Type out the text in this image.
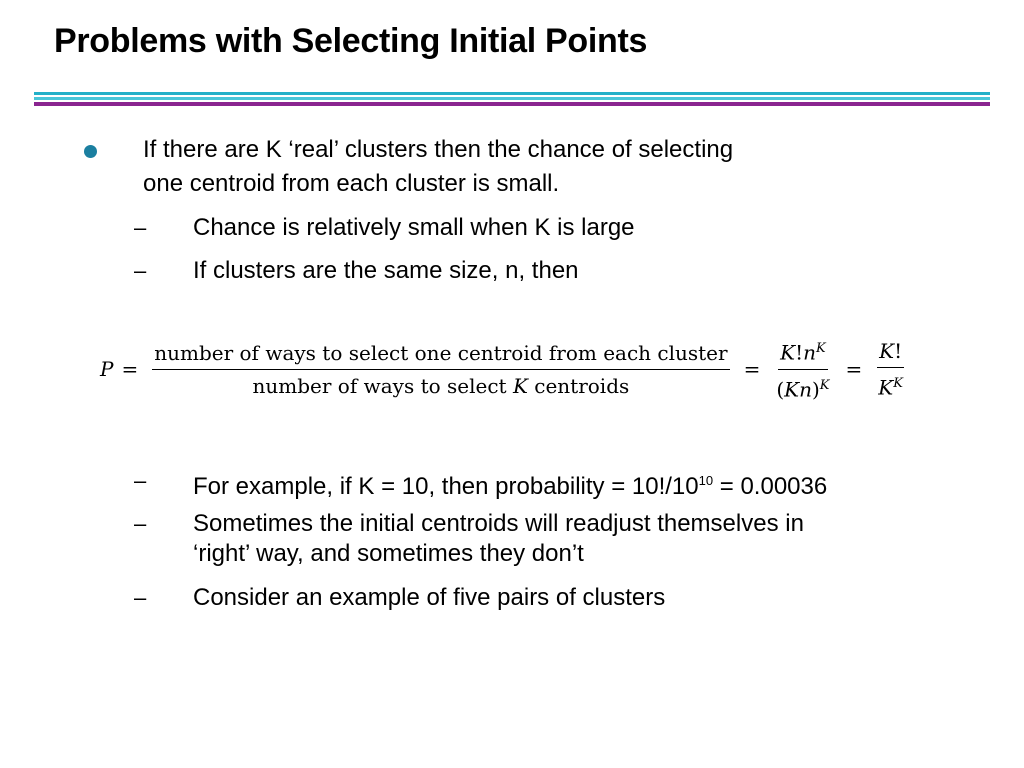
Problems with Selecting Initial Points
If there are K ‘real’ clusters then the chance of selecting
one centroid from each cluster is small.
– Chance is relatively small when K is large
– If clusters are the same size, n, then
$P = \frac{\text{number of ways to select one centroid from each cluster}}{\text{number of ways to select K centroids}} = \frac{K!n^K}{(Kn)^K} = \frac{K!}{K^K}$
– For example, if K = 10, then probability = $10!/10^{10} = 0.00036$
– Sometimes the initial centroids will readjust themselves in
‘right’ way, and sometimes they don’t
– Consider an example of five pairs of clusters
